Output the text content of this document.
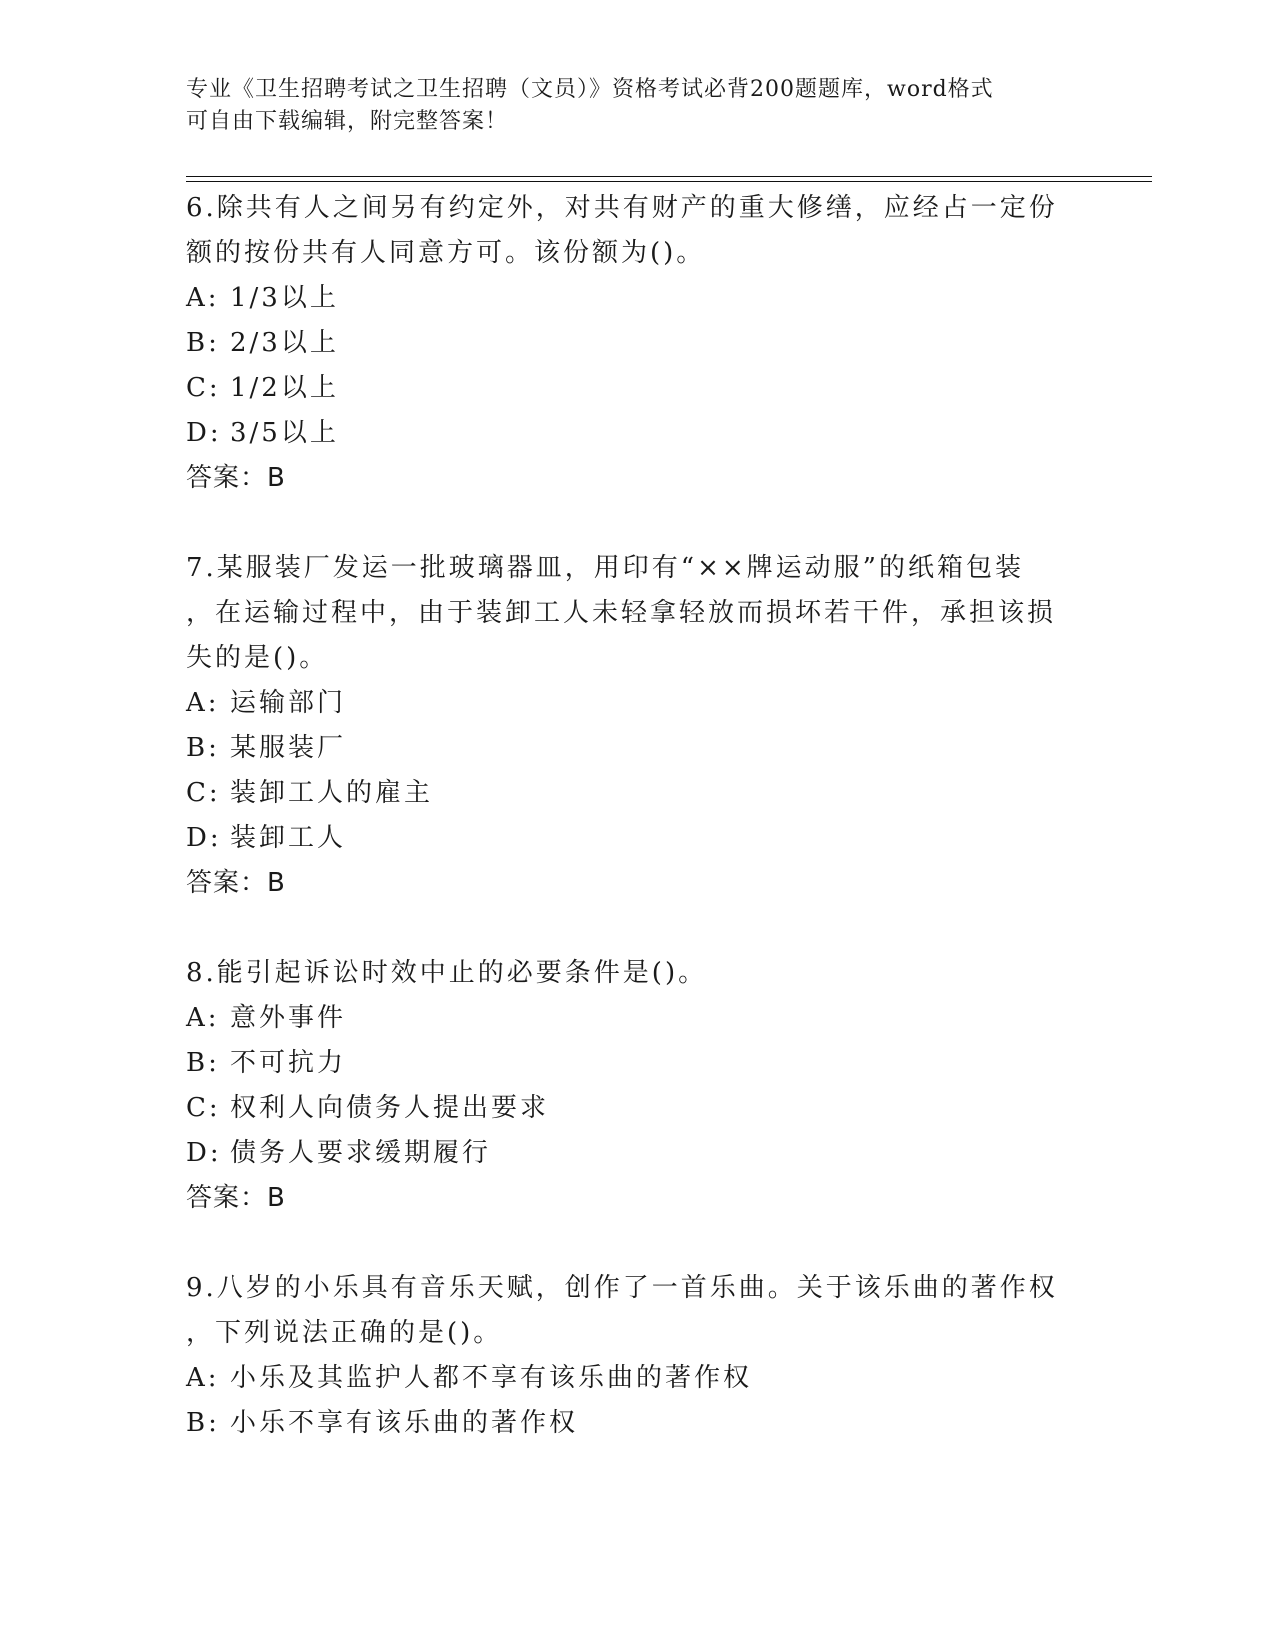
专业《卫生招聘考试之卫生招聘（文员）》资格考试必背200题题库，word格式
可自由下载编辑，附完整答案！

6.除共有人之间另有约定外，对共有财产的重大修缮，应经占一定份

额的按份共有人同意方可。该份额为()。

A: 1/3以上

B: 2/3以上

C: 1/2以上

D: 3/5以上

答案：B

7.某服装厂发运一批玻璃器皿，用印有“××牌运动服”的纸箱包装

，在运输过程中，由于装卸工人未轻拿轻放而损坏若干件，承担该损

失的是()。

A: 运输部门

B: 某服装厂

C: 装卸工人的雇主

D: 装卸工人

答案：B

8.能引起诉讼时效中止的必要条件是()。

A: 意外事件

B: 不可抗力

C: 权利人向债务人提出要求

D: 债务人要求缓期履行

答案：B

9.八岁的小乐具有音乐天赋，创作了一首乐曲。关于该乐曲的著作权

，下列说法正确的是()。

A: 小乐及其监护人都不享有该乐曲的著作权

B: 小乐不享有该乐曲的著作权
